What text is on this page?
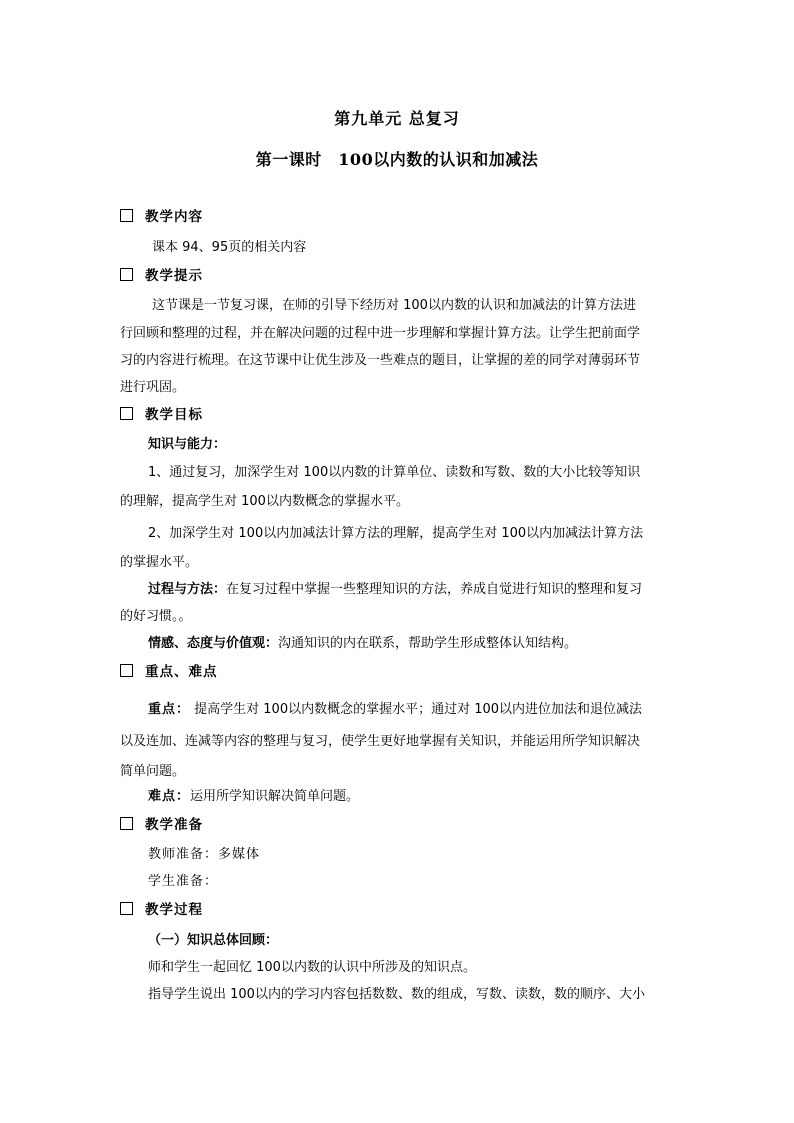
第九单元 总复习
第一课时　100以内数的认识和加减法
教学内容
课本 94、95页的相关内容
教学提示
这节课是一节复习课，在师的引导下经历对 100以内数的认识和加减法的计算方法进
行回顾和整理的过程，并在解决问题的过程中进一步理解和掌握计算方法。让学生把前面学
习的内容进行梳理。在这节课中让优生涉及一些难点的题目，让掌握的差的同学对薄弱环节
进行巩固。
教学目标
知识与能力：
1、通过复习，加深学生对 100以内数的计算单位、读数和写数、数的大小比较等知识
的理解，提高学生对 100以内数概念的掌握水平。
2、加深学生对 100以内加减法计算方法的理解，提高学生对 100以内加减法计算方法
的掌握水平。
过程与方法：在复习过程中掌握一些整理知识的方法，养成自觉进行知识的整理和复习
的好习惯。。
情感、态度与价值观：沟通知识的内在联系，帮助学生形成整体认知结构。
重点、难点
重点： 提高学生对 100以内数概念的掌握水平；通过对 100以内进位加法和退位减法
以及连加、连减等内容的整理与复习，使学生更好地掌握有关知识，并能运用所学知识解决
简单问题。
难点：运用所学知识解决简单问题。
教学准备
教师准备：多媒体
学生准备：
教学过程
（一）知识总体回顾：
师和学生一起回忆 100以内数的认识中所涉及的知识点。
指导学生说出 100以内的学习内容包括数数、数的组成，写数、读数，数的顺序、大小
